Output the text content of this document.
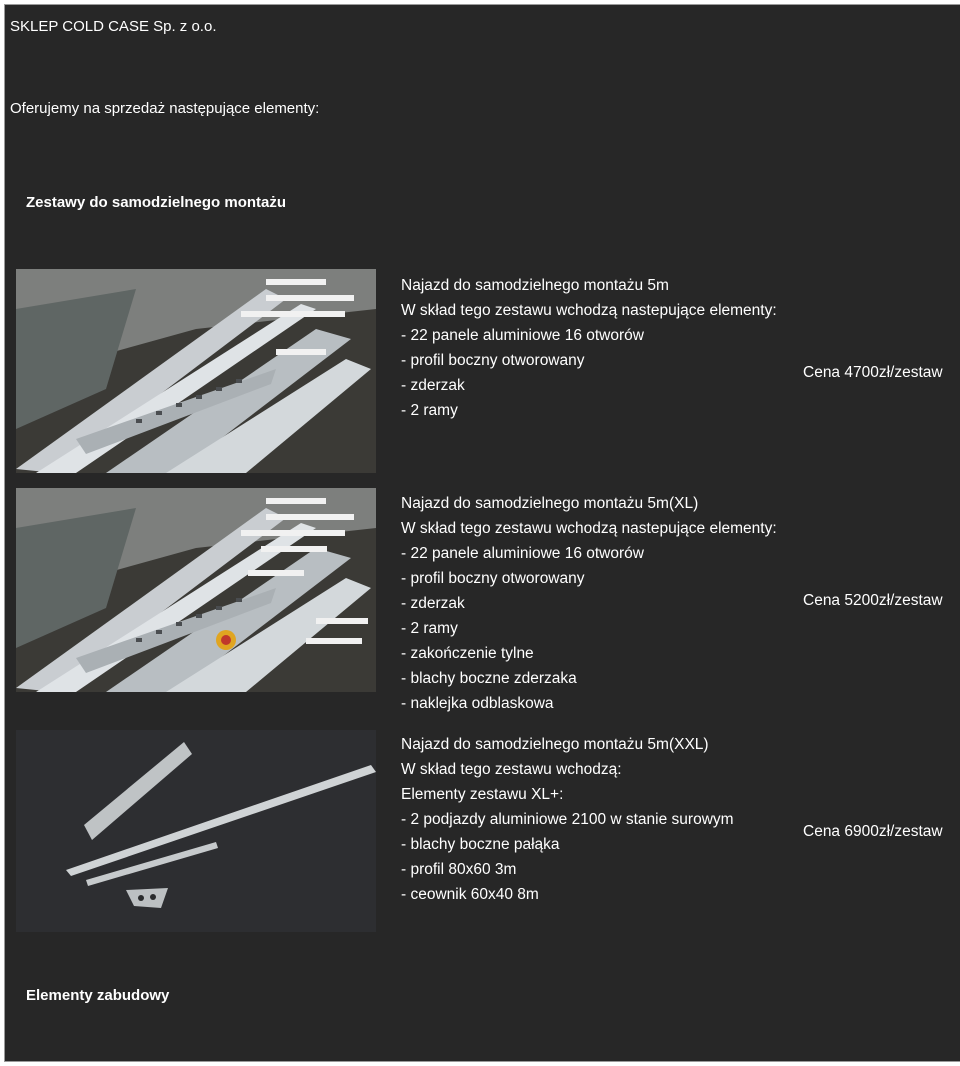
SKLEP COLD CASE Sp. z o.o.
Oferujemy na sprzedaż następujące elementy:
Zestawy do samodzielnego montażu
Najazd do samodzielnego montażu 5m
W skład tego zestawu wchodzą nastepujące elementy:
- 22 panele aluminiowe 16 otworów
- profil boczny otworowany
- zderzak
- 2 ramy
Cena 4700zł/zestaw
Najazd do samodzielnego montażu 5m(XL)
W skład tego zestawu wchodzą nastepujące elementy:
- 22 panele aluminiowe 16 otworów
- profil boczny otworowany
- zderzak
- 2 ramy
- zakończenie tylne
- blachy boczne zderzaka
- naklejka odblaskowa
Cena 5200zł/zestaw
Najazd do samodzielnego montażu 5m(XXL)
W skład tego zestawu wchodzą:
Elementy zestawu XL+:
- 2 podjazdy aluminiowe 2100 w stanie surowym
- blachy boczne pałąka
- profil 80x60 3m
- ceownik 60x40 8m
Cena 6900zł/zestaw
Elementy zabudowy
